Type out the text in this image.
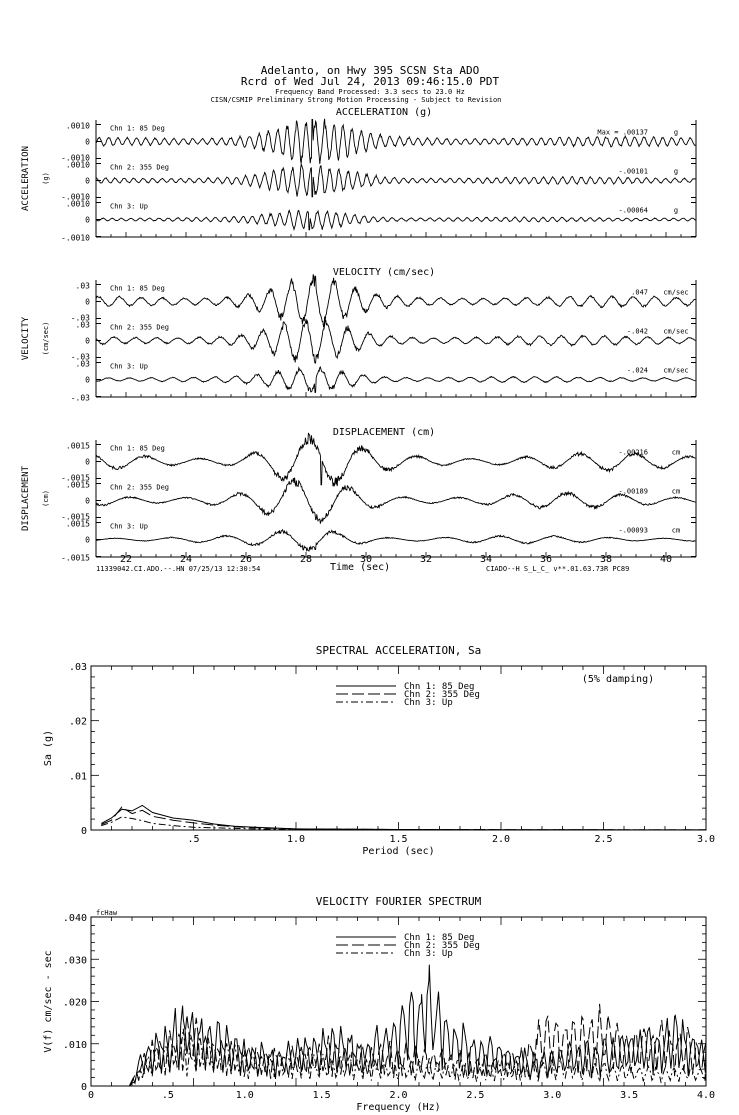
Adelanto, on Hwy 395 SCSN Sta ADO
Rcrd of Wed Jul 24, 2013 09:46:15.0 PDT
Frequency Band Processed: 3.3 secs to 23.0 Hz
CISN/CSMIP Preliminary Strong Motion Processing - Subject to Revision
ACCELERATION (g)
ACCELERATION (g)
.0010
0
-.0010
Chn 1: 85 Deg	Max = .00137	g
.0010
0
-.0010
Chn 2: 355 Deg	-.00101	g
.0010
0
-.0010
Chn 3: Up	-.00064	g
VELOCITY (cm/sec)
VELOCITY (cm/sec)
.03
0
-.03
Chn 1: 85 Deg	.047 cm/sec
.03
0
-.03
Chn 2: 355 Deg	-.042 cm/sec
.03
0
-.03
Chn 3: Up	-.024 cm/sec
DISPLACEMENT (cm)
DISPLACEMENT (cm)
.0015
0
-.0015
Chn 1: 85 Deg	-.00216	cm
.0015
0
-.0015
Chn 2: 355 Deg	-.00189	cm
.0015
0
-.0015
Chn 3: Up	-.00093	cm
22	24	26	28	30	32	34	36	38	40
11339042.CI.ADO.--.HN 07/25/13 12:30:54	Time (sec)	CIADO--H S_L_C_ v**.01.63.73R PC89
SPECTRAL ACCELERATION, Sa
.5	1.0	1.5	2.0	2.5	3.0
0
.01
.02
.03
Period (sec)
Sa (g)
Chn 1: 85 Deg
Chn 2: 355 Deg
Chn 3: Up
(5% damping)
VELOCITY FOURIER SPECTRUM
0	.5	1.0	1.5	2.0	2.5	3.0	3.5	4.0
0
.010
.020
.030
.040
Frequency (Hz)
V(f) cm/sec - sec
Chn 1: 85 Deg
Chn 2: 355 Deg
Chn 3: Up
fcHaw
